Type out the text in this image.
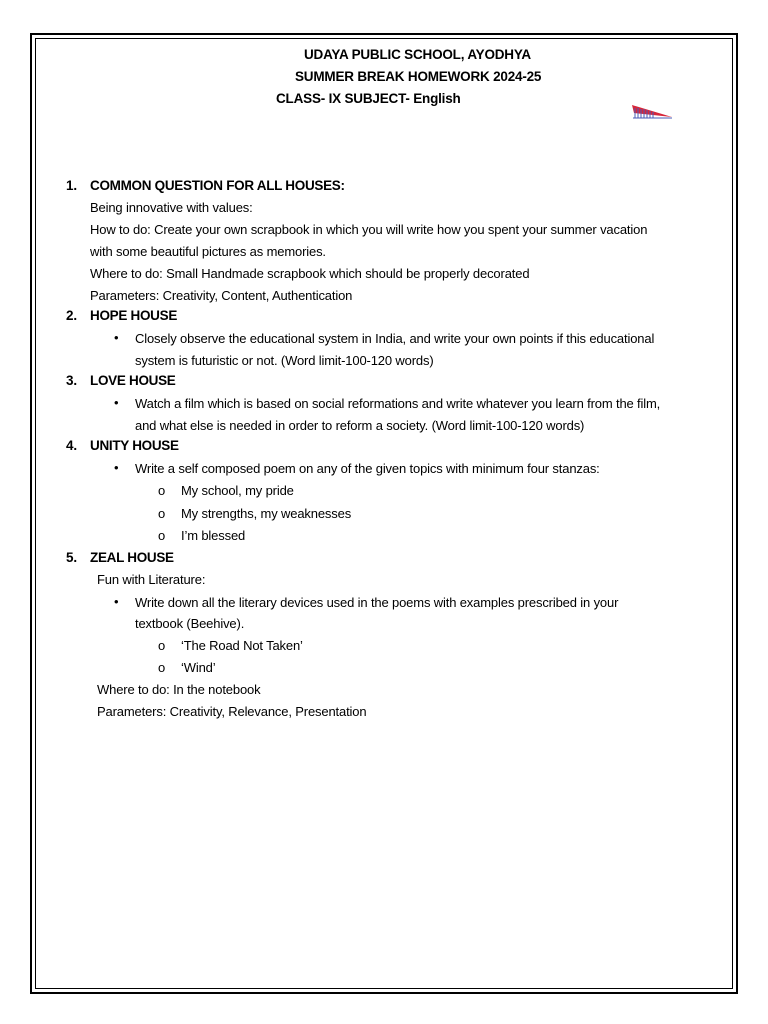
UDAYA PUBLIC SCHOOL, AYODHYA
SUMMER BREAK HOMEWORK 2024-25
CLASS- IX SUBJECT- English
1. COMMON QUESTION FOR ALL HOUSES:
Being innovative with values:
How to do: Create your own scrapbook in which you will write how you spent your summer vacation
with some beautiful pictures as memories.
Where to do: Small Handmade scrapbook which should be properly decorated
Parameters: Creativity, Content, Authentication
2. HOPE HOUSE
• Closely observe the educational system in India, and write your own points if this educational
system is futuristic or not. (Word limit-100-120 words)
3. LOVE HOUSE
• Watch a film which is based on social reformations and write whatever you learn from the film,
and what else is needed in order to reform a society. (Word limit-100-120 words)
4. UNITY HOUSE
• Write a self composed poem on any of the given topics with minimum four stanzas:
o My school, my pride
o My strengths, my weaknesses
o I’m blessed
5. ZEAL HOUSE
Fun with Literature:
• Write down all the literary devices used in the poems with examples prescribed in your
textbook (Beehive).
o ‘The Road Not Taken’
o ‘Wind’
Where to do: In the notebook
Parameters: Creativity, Relevance, Presentation
